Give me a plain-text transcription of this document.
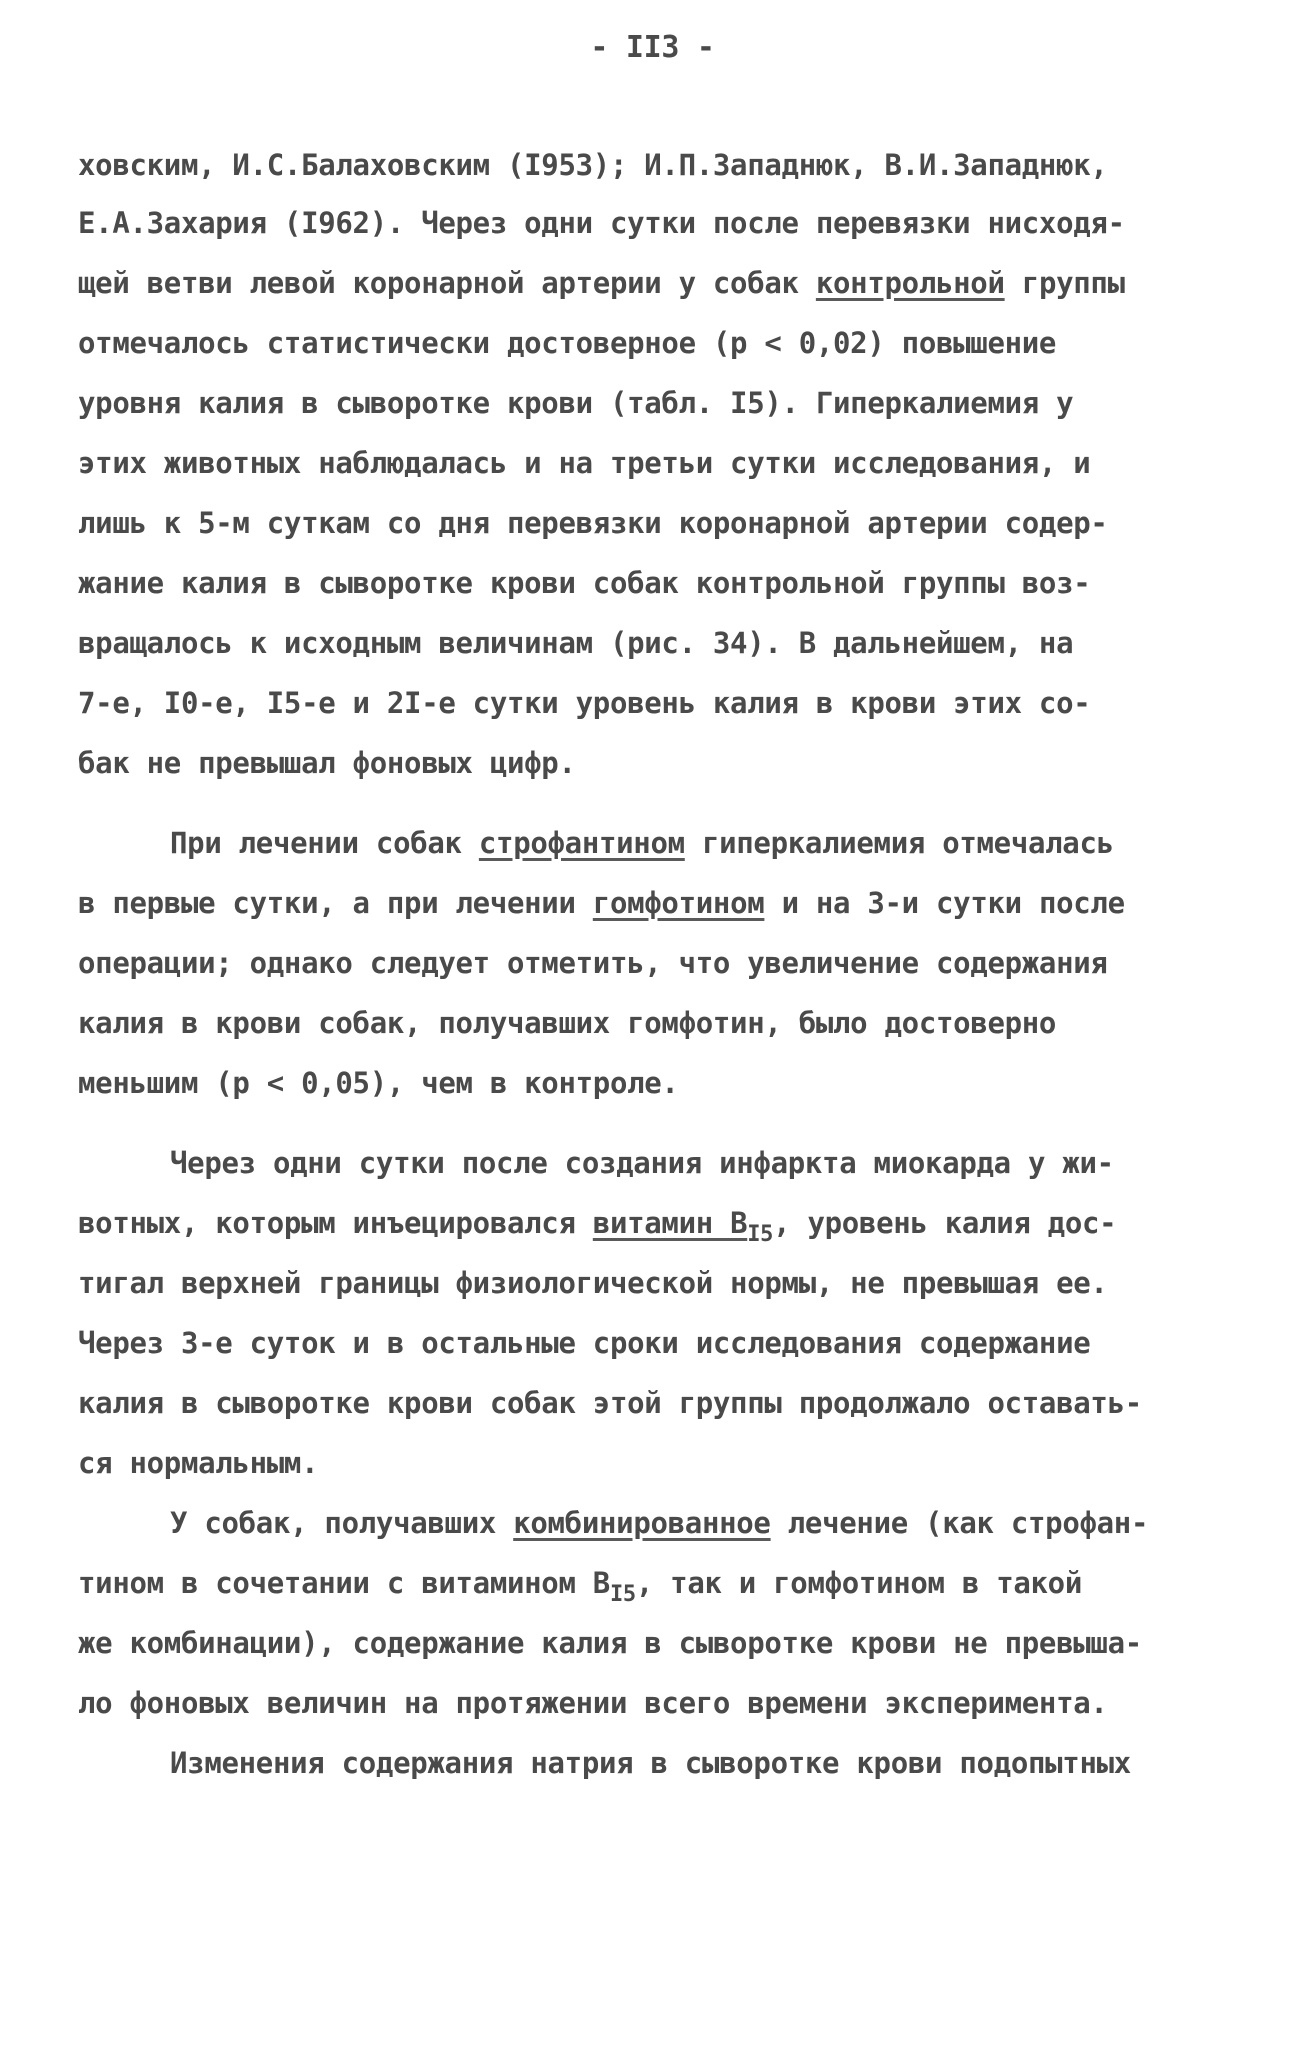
- II3 -
ховским, И.С.Балаховским (I953); И.П.Западнюк, В.И.Западнюк,
Е.А.Захария (I962). Через одни сутки после перевязки нисходя-
щей ветви левой коронарной артерии у собак контрольной группы
отмечалось статистически достоверное (р < 0,02) повышение
уровня калия в сыворотке крови (табл. I5). Гиперкалиемия у
этих животных наблюдалась и на третьи сутки исследования, и
лишь к 5-м суткам со дня перевязки коронарной артерии содер-
жание калия в сыворотке крови собак контрольной группы воз-
вращалось к исходным величинам (рис. 34). В дальнейшем, на
7-е, I0-е, I5-е и 2I-е сутки уровень калия в крови этих со-
бак не превышал фоновых цифр.
При лечении собак строфантином гиперкалиемия отмечалась
в первые сутки, а при лечении гомфотином и на 3-и сутки после
операции; однако следует отметить, что увеличение содержания
калия в крови собак, получавших гомфотин, было достоверно
меньшим (р < 0,05), чем в контроле.
Через одни сутки после создания инфаркта миокарда у жи-
вотных, которым инъецировался витамин $В_{I5}$, уровень калия дос-
тигал верхней границы физиологической нормы, не превышая ее.
Через 3-е суток и в остальные сроки исследования содержание
калия в сыворотке крови собак этой группы продолжало оставать-
ся нормальным.
У собак, получавших комбинированное лечение (как строфан-
тином в сочетании с витамином $В_{I5}$, так и гомфотином в такой
же комбинации), содержание калия в сыворотке крови не превыша-
ло фоновых величин на протяжении всего времени эксперимента.
Изменения содержания натрия в сыворотке крови подопытных
